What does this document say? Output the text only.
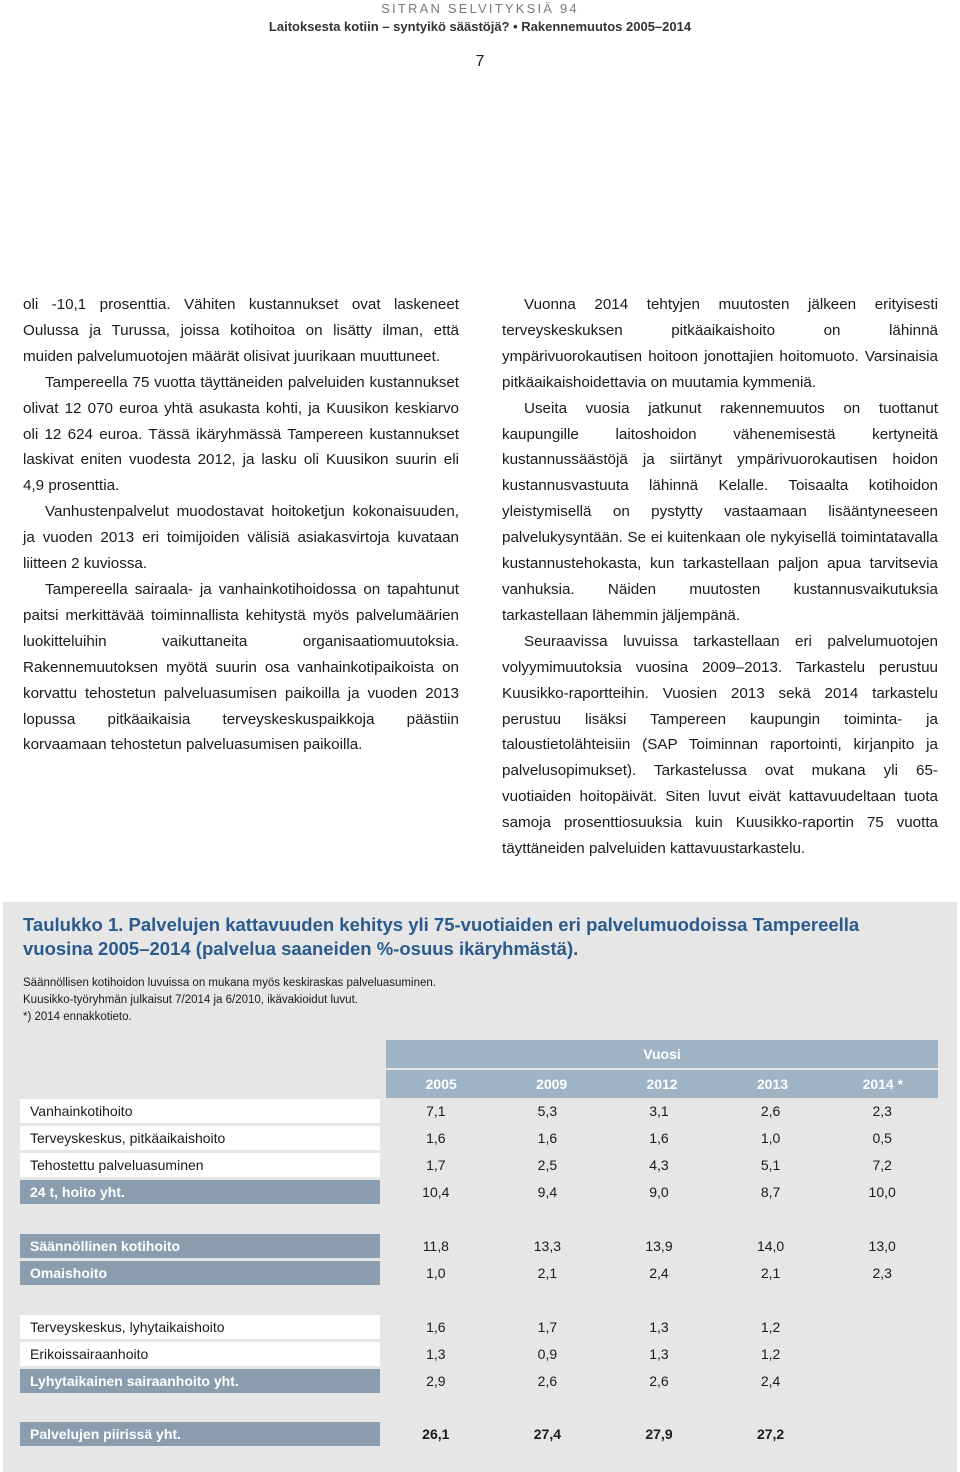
SITRAN SELVITYKSIÄ 94
Laitoksesta kotiin – syntyikö säästöjä? • Rakennemuutos 2005–2014
7

oli -10,1 prosenttia. Vähiten kustannukset ovat laskeneet Oulussa ja Turussa, joissa kotihoitoa on lisätty ilman, että muiden palvelumuotojen määrät olisivat juurikaan muuttuneet.

Tampereella 75 vuotta täyttäneiden palveluiden kustannukset olivat 12 070 euroa yhtä asukasta kohti, ja Kuusikon keskiarvo oli 12 624 euroa. Tässä ikäryhmässä Tampereen kustannukset laskivat eniten vuodesta 2012, ja lasku oli Kuusikon suurin eli 4,9 prosenttia.

Vanhustenpalvelut muodostavat hoitoketjun kokonaisuuden, ja vuoden 2013 eri toimijoiden välisiä asiakasvirtoja kuvataan liitteen 2 kuviossa.

Tampereella sairaala- ja vanhainkotihoidossa on tapahtunut paitsi merkittävää toiminnallista kehitystä myös palvelumäärien luokitteluihin vaikuttaneita organisaatiomuutoksia. Rakennemuutoksen myötä suurin osa vanhainkotipaikoista on korvattu tehostetun palveluasumisen paikoilla ja vuoden 2013 lopussa pitkäaikaisia terveyskeskuspaikkoja päästiin korvaamaan tehostetun palveluasumisen paikoilla.

Vuonna 2014 tehtyjen muutosten jälkeen erityisesti terveyskeskuksen pitkäaikaishoito on lähinnä ympärivuorokautisen hoitoon jonottajien hoitomuoto. Varsinaisia pitkäaikaishoidettavia on muutamia kymmeniä.

Useita vuosia jatkunut rakennemuutos on tuottanut kaupungille laitoshoidon vähenemisestä kertyneitä kustannussäästöjä ja siirtänyt ympärivuorokautisen hoidon kustannusvastuuta lähinnä Kelalle. Toisaalta kotihoidon yleistymisellä on pystytty vastaamaan lisääntyneeseen palvelukysyntään. Se ei kuitenkaan ole nykyisellä toimintatavalla kustannustehokasta, kun tarkastellaan paljon apua tarvitsevia vanhuksia. Näiden muutosten kustannusvaikutuksia tarkastellaan lähemmin jäljempänä.

Seuraavissa luvuissa tarkastellaan eri palvelumuotojen volyymimuutoksia vuosina 2009–2013. Tarkastelu perustuu Kuusikko-raportteihin. Vuosien 2013 sekä 2014 tarkastelu perustuu lisäksi Tampereen kaupungin toiminta- ja taloustietolähteisiin (SAP Toiminnan raportointi, kirjanpito ja palvelusopimukset). Tarkastelussa ovat mukana yli 65-vuotiaiden hoitopäivät. Siten luvut eivät kattavuudeltaan tuota samoja prosenttiosuuksia kuin Kuusikko-raportin 75 vuotta täyttäneiden palveluiden kattavuustarkastelu.

Taulukko 1. Palvelujen kattavuuden kehitys yli 75-vuotiaiden eri palvelumuodoissa Tampereella vuosina 2005–2014 (palvelua saaneiden %-osuus ikäryhmästä).
Säännöllisen kotihoidon luvuissa on mukana myös keskiraskas palveluasuminen.
Kuusikko-työryhmän julkaisut 7/2014 ja 6/2010, ikävakioidut luvut.
*) 2014 ennakkotieto.
Vuosi
2005	2009	2012	2013	2014 *
Vanhainkotihoito	7,1	5,3	3,1	2,6	2,3
Terveyskeskus, pitkäaikaishoito	1,6	1,6	1,6	1,0	0,5
Tehostettu palveluasuminen	1,7	2,5	4,3	5,1	7,2
24 t, hoito yht.	10,4	9,4	9,0	8,7	10,0
Säännöllinen kotihoito	11,8	13,3	13,9	14,0	13,0
Omaishoito	1,0	2,1	2,4	2,1	2,3
Terveyskeskus, lyhytaikaishoito	1,6	1,7	1,3	1,2
Erikoissairaanhoito	1,3	0,9	1,3	1,2
Lyhytaikainen sairaanhoito yht.	2,9	2,6	2,6	2,4
Palvelujen piirissä yht.	26,1	27,4	27,9	27,2
